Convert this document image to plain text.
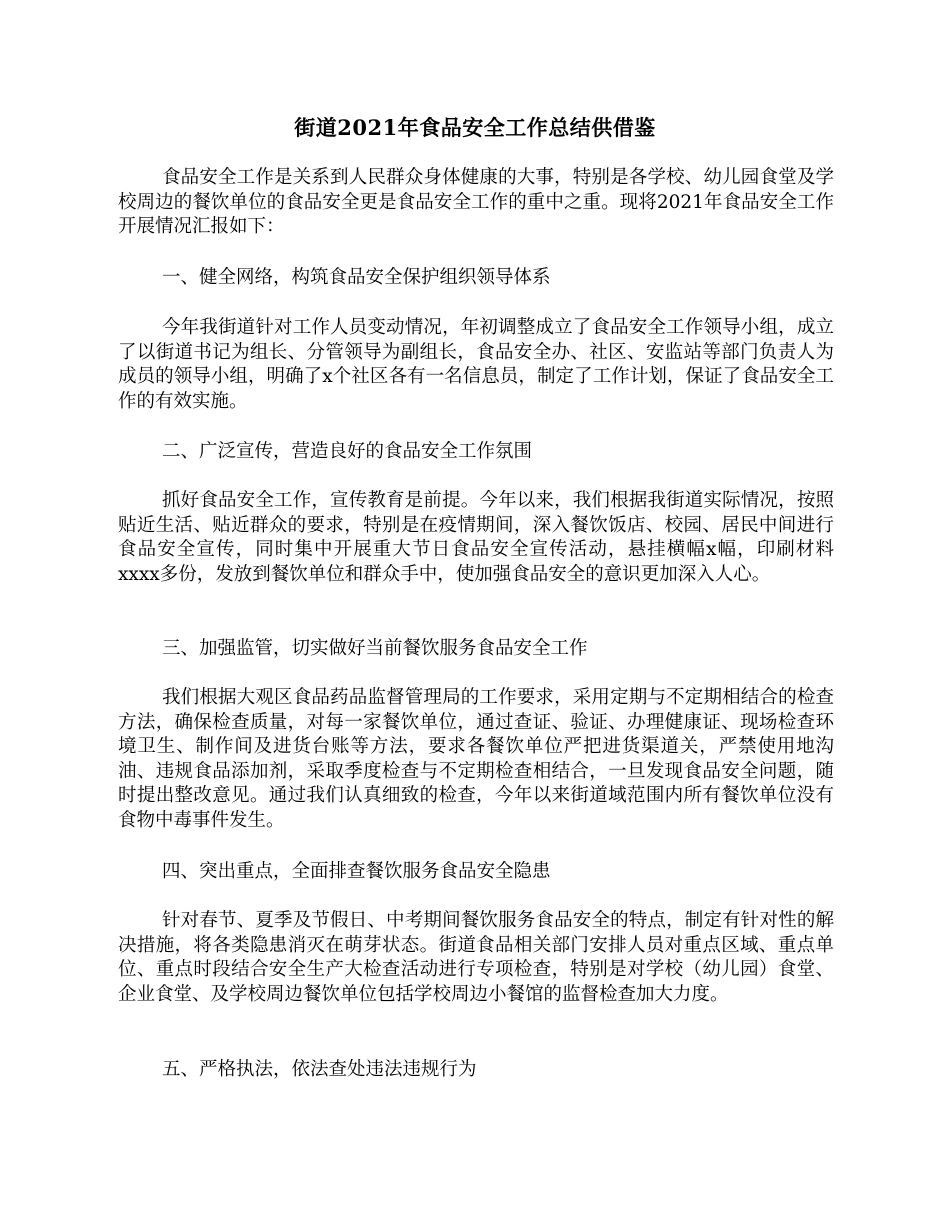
街道2021年食品安全工作总结供借鉴

食品安全工作是关系到人民群众身体健康的大事，特别是各学校、幼儿园食堂及学校周边的餐饮单位的食品安全更是食品安全工作的重中之重。现将2021年食品安全工作开展情况汇报如下：

一、健全网络，构筑食品安全保护组织领导体系

今年我街道针对工作人员变动情况，年初调整成立了食品安全工作领导小组，成立了以街道书记为组长、分管领导为副组长，食品安全办、社区、安监站等部门负责人为成员的领导小组，明确了x个社区各有一名信息员，制定了工作计划，保证了食品安全工作的有效实施。

二、广泛宣传，营造良好的食品安全工作氛围

抓好食品安全工作，宣传教育是前提。今年以来，我们根据我街道实际情况，按照贴近生活、贴近群众的要求，特别是在疫情期间，深入餐饮饭店、校园、居民中间进行食品安全宣传，同时集中开展重大节日食品安全宣传活动，悬挂横幅x幅，印刷材料xxxx多份，发放到餐饮单位和群众手中，使加强食品安全的意识更加深入人心。

三、加强监管，切实做好当前餐饮服务食品安全工作

我们根据大观区食品药品监督管理局的工作要求，采用定期与不定期相结合的检查方法，确保检查质量，对每一家餐饮单位，通过查证、验证、办理健康证、现场检查环境卫生、制作间及进货台账等方法，要求各餐饮单位严把进货渠道关，严禁使用地沟油、违规食品添加剂，采取季度检查与不定期检查相结合，一旦发现食品安全问题，随时提出整改意见。通过我们认真细致的检查，今年以来街道域范围内所有餐饮单位没有食物中毒事件发生。

四、突出重点，全面排查餐饮服务食品安全隐患

针对春节、夏季及节假日、中考期间餐饮服务食品安全的特点，制定有针对性的解决措施，将各类隐患消灭在萌芽状态。街道食品相关部门安排人员对重点区域、重点单位、重点时段结合安全生产大检查活动进行专项检查，特别是对学校（幼儿园）食堂、企业食堂、及学校周边餐饮单位包括学校周边小餐馆的监督检查加大力度。

五、严格执法，依法查处违法违规行为
